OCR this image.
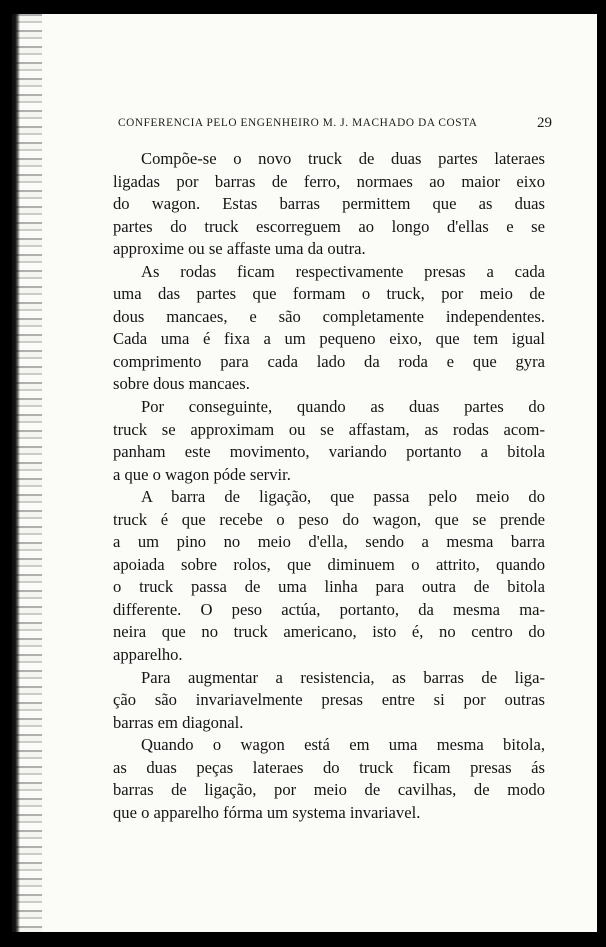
CONFERENCIA PELO ENGENHEIRO M. J. MACHADO DA COSTA	29
Compõe-se o novo truck de duas partes lateraes
ligadas por barras de ferro, normaes ao maior eixo
do wagon. Estas barras permittem que as duas
partes do truck escorreguem ao longo d'ellas e se
approxime ou se affaste uma da outra.
As rodas ficam respectivamente presas a cada
uma das partes que formam o truck, por meio de
dous mancaes, e são completamente independentes.
Cada uma é fixa a um pequeno eixo, que tem igual
comprimento para cada lado da roda e que gyra
sobre dous mancaes.
Por conseguinte, quando as duas partes do
truck se approximam ou se affastam, as rodas acom-
panham este movimento, variando portanto a bitola
a que o wagon póde servir.
A barra de ligação, que passa pelo meio do
truck é que recebe o peso do wagon, que se prende
a um pino no meio d'ella, sendo a mesma barra
apoiada sobre rolos, que diminuem o attrito, quando
o truck passa de uma linha para outra de bitola
differente. O peso actúa, portanto, da mesma ma-
neira que no truck americano, isto é, no centro do
apparelho.
Para augmentar a resistencia, as barras de liga-
ção são invariavelmente presas entre si por outras
barras em diagonal.
Quando o wagon está em uma mesma bitola,
as duas peças lateraes do truck ficam presas ás
barras de ligação, por meio de cavilhas, de modo
que o apparelho fórma um systema invariavel.
